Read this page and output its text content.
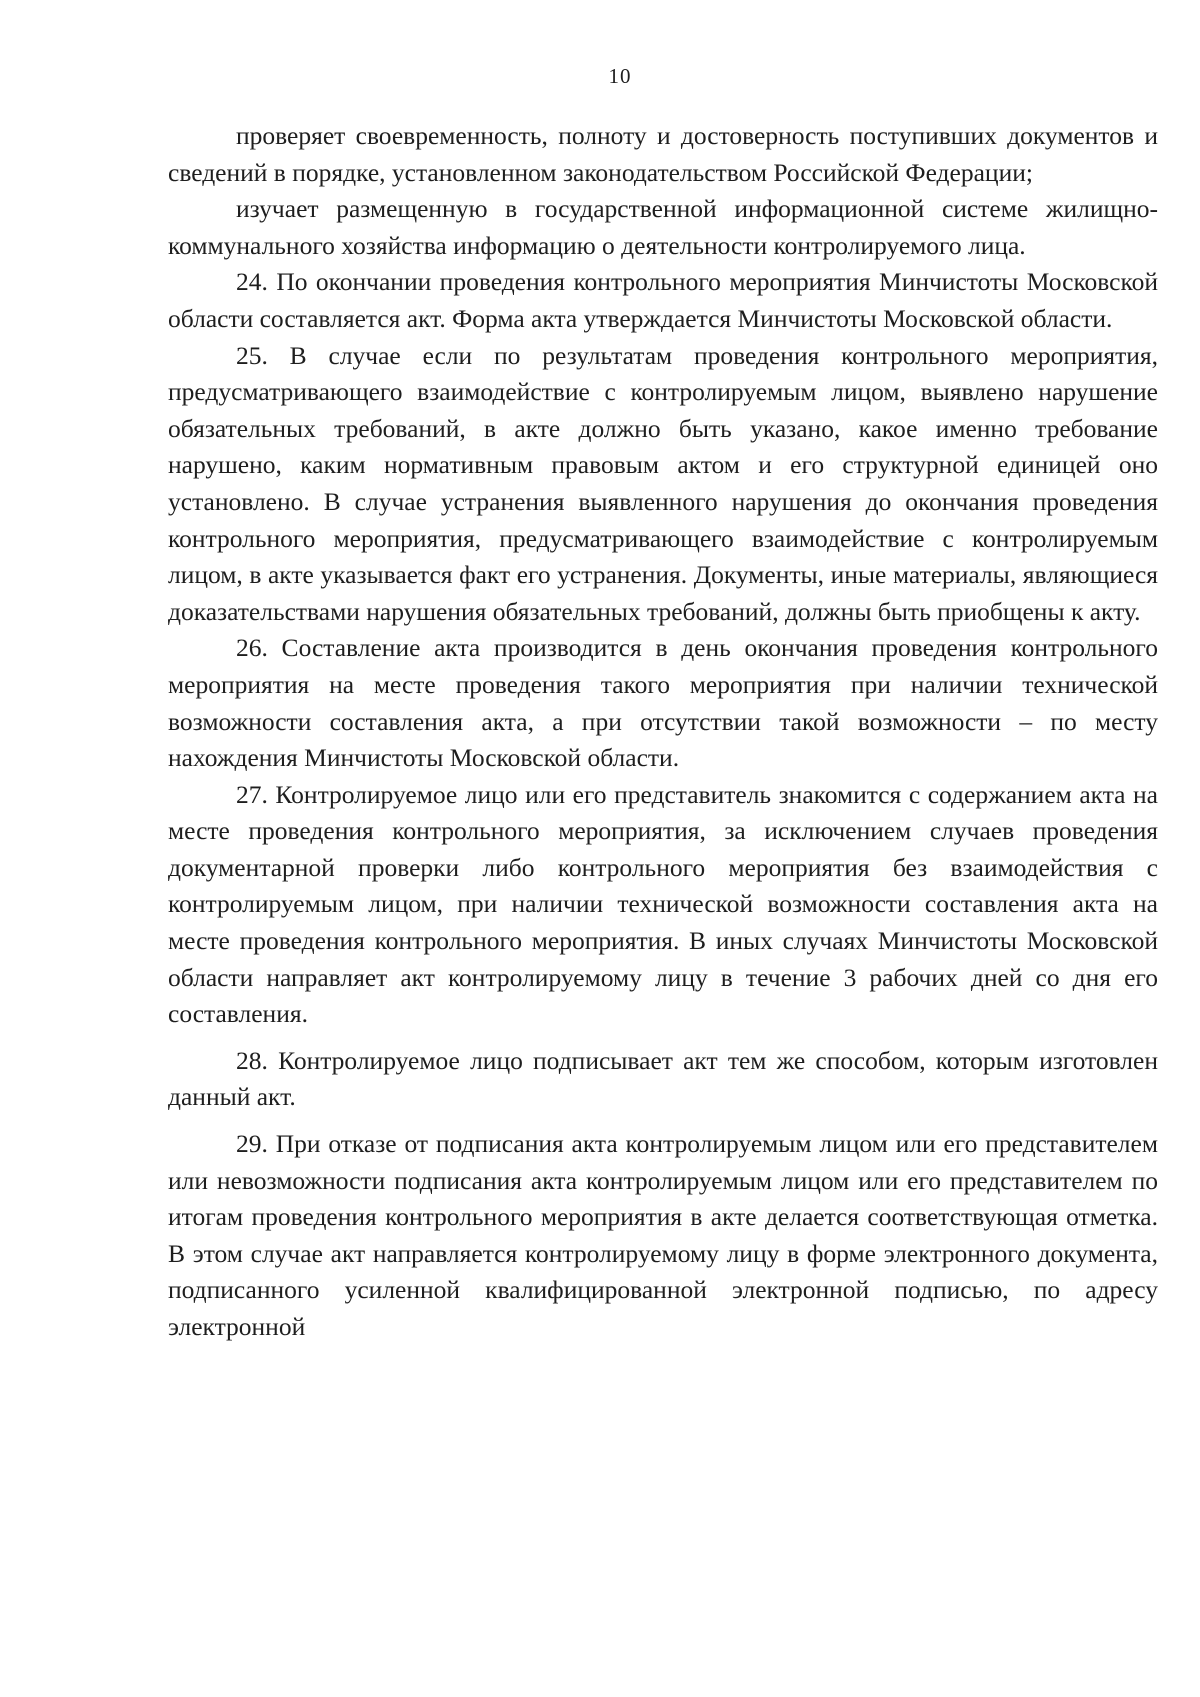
10

проверяет своевременность, полноту и достоверность поступивших документов и сведений в порядке, установленном законодательством Российской Федерации;

изучает размещенную в государственной информационной системе жилищно-коммунального хозяйства информацию о деятельности контролируемого лица.

24. По окончании проведения контрольного мероприятия Минчистоты Московской области составляется акт. Форма акта утверждается Минчистоты Московской области.

25. В случае если по результатам проведения контрольного мероприятия, предусматривающего взаимодействие с контролируемым лицом, выявлено нарушение обязательных требований, в акте должно быть указано, какое именно требование нарушено, каким нормативным правовым актом и его структурной единицей оно установлено. В случае устранения выявленного нарушения до окончания проведения контрольного мероприятия, предусматривающего взаимодействие с контролируемым лицом, в акте указывается факт его устранения. Документы, иные материалы, являющиеся доказательствами нарушения обязательных требований, должны быть приобщены к акту.

26. Составление акта производится в день окончания проведения контрольного мероприятия на месте проведения такого мероприятия при наличии технической возможности составления акта, а при отсутствии такой возможности – по месту нахождения Минчистоты Московской области.

27. Контролируемое лицо или его представитель знакомится с содержанием акта на месте проведения контрольного мероприятия, за исключением случаев проведения документарной проверки либо контрольного мероприятия без взаимодействия с контролируемым лицом, при наличии технической возможности составления акта на месте проведения контрольного мероприятия. В иных случаях Минчистоты Московской области направляет акт контролируемому лицу в течение 3 рабочих дней со дня его составления.

28. Контролируемое лицо подписывает акт тем же способом, которым изготовлен данный акт.

29. При отказе от подписания акта контролируемым лицом или его представителем или невозможности подписания акта контролируемым лицом или его представителем по итогам проведения контрольного мероприятия в акте делается соответствующая отметка. В этом случае акт направляется контролируемому лицу в форме электронного документа, подписанного усиленной квалифицированной электронной подписью, по адресу электронной
